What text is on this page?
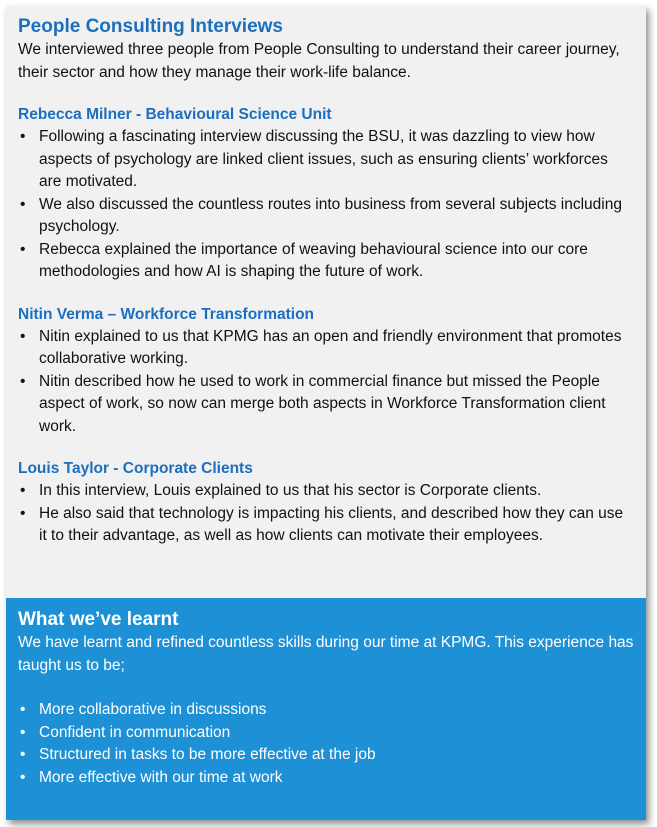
People Consulting Interviews

We interviewed three people from People Consulting to understand their career journey, their sector and how they manage their work-life balance.

Rebecca Milner - Behavioural Science Unit
• Following a fascinating interview discussing the BSU, it was dazzling to view how aspects of psychology are linked client issues, such as ensuring clients’ workforces are motivated.
• We also discussed the countless routes into business from several subjects including psychology.
• Rebecca explained the importance of weaving behavioural science into our core methodologies and how AI is shaping the future of work.
Nitin Verma – Workforce Transformation
• Nitin explained to us that KPMG has an open and friendly environment that promotes collaborative working.
• Nitin described how he used to work in commercial finance but missed the People aspect of work, so now can merge both aspects in Workforce Transformation client work.
Louis Taylor - Corporate Clients
• In this interview, Louis explained to us that his sector is Corporate clients.
• He also said that technology is impacting his clients, and described how they can use it to their advantage, as well as how clients can motivate their employees.
What we’ve learnt

We have learnt and refined countless skills during our time at KPMG. This experience has taught us to be;

• More collaborative in discussions
• Confident in communication
• Structured in tasks to be more effective at the job
• More effective with our time at work
